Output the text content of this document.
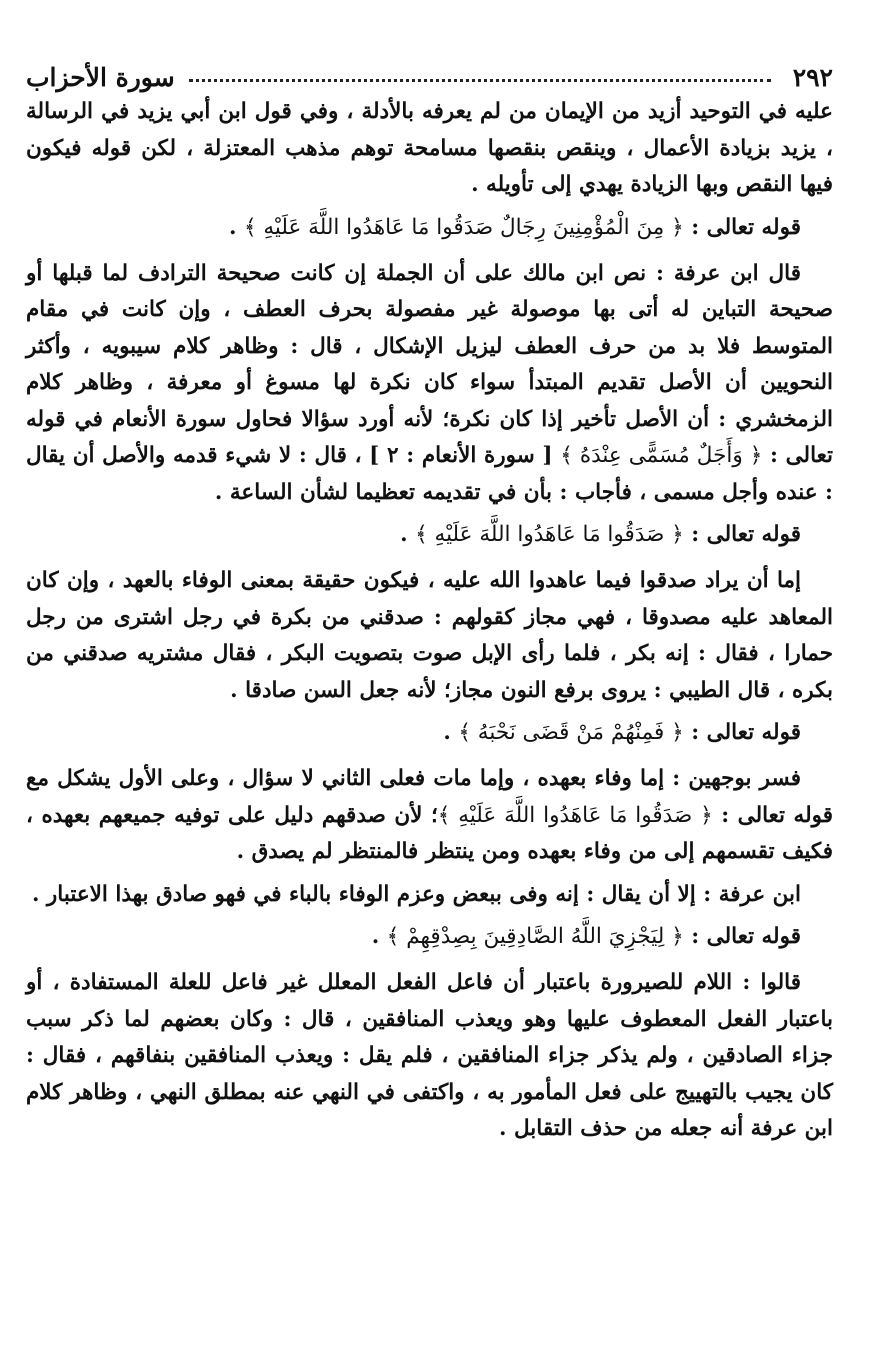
٢٩٢
سورة الأحزاب

عليه في التوحيد أزيد من الإيمان من لم يعرفه بالأدلة ، وفي قول ابن أبي يزيد في الرسالة ، يزيد بزيادة الأعمال ، وينقص بنقصها مسامحة توهم مذهب المعتزلة ، لكن قوله فيكون فيها النقص وبها الزيادة يهدي إلى تأويله .

قوله تعالى : ﴿ مِنَ الْمُؤْمِنِينَ رِجَالٌ صَدَقُوا مَا عَاهَدُوا اللَّهَ عَلَيْهِ ﴾ .

قال ابن عرفة : نص ابن مالك على أن الجملة إن كانت صحيحة الترادف لما قبلها أو صحيحة التباين له أتى بها موصولة غير مفصولة بحرف العطف ، وإن كانت في مقام المتوسط فلا بد من حرف العطف ليزيل الإشكال ، قال : وظاهر كلام سيبويه ، وأكثر النحويين أن الأصل تقديم المبتدأ سواء كان نكرة لها مسوغ أو معرفة ، وظاهر كلام الزمخشري : أن الأصل تأخير إذا كان نكرة؛ لأنه أورد سؤالا فحاول سورة الأنعام في قوله تعالى : ﴿ وَأَجَلٌ مُسَمًّى عِنْدَهُ ﴾ [ سورة الأنعام : ٢ ] ، قال : لا شيء قدمه والأصل أن يقال : عنده وأجل مسمى ، فأجاب : بأن في تقديمه تعظيما لشأن الساعة .

قوله تعالى : ﴿ صَدَقُوا مَا عَاهَدُوا اللَّهَ عَلَيْهِ ﴾ .

إما أن يراد صدقوا فيما عاهدوا الله عليه ، فيكون حقيقة بمعنى الوفاء بالعهد ، وإن كان المعاهد عليه مصدوقا ، فهي مجاز كقولهم : صدقني من بكرة في رجل اشترى من رجل حمارا ، فقال : إنه بكر ، فلما رأى الإبل صوت بتصويت البكر ، فقال مشتريه صدقني من بكره ، قال الطيبي : يروى برفع النون مجاز؛ لأنه جعل السن صادقا .

قوله تعالى : ﴿ فَمِنْهُمْ مَنْ قَضَى نَحْبَهُ ﴾ .

فسر بوجهين : إما وفاء بعهده ، وإما مات فعلى الثاني لا سؤال ، وعلى الأول يشكل مع قوله تعالى : ﴿ صَدَقُوا مَا عَاهَدُوا اللَّهَ عَلَيْهِ ﴾؛ لأن صدقهم دليل على توفيه جميعهم بعهده ، فكيف تقسمهم إلى من وفاء بعهده ومن ينتظر فالمنتظر لم يصدق .

ابن عرفة : إلا أن يقال : إنه وفى ببعض وعزم الوفاء بالباء في فهو صادق بهذا الاعتبار .

قوله تعالى : ﴿ لِيَجْزِيَ اللَّهُ الصَّادِقِينَ بِصِدْقِهِمْ ﴾ .

قالوا : اللام للصيرورة باعتبار أن فاعل الفعل المعلل غير فاعل للعلة المستفادة ، أو باعتبار الفعل المعطوف عليها وهو ويعذب المنافقين ، قال : وكان بعضهم لما ذكر سبب جزاء الصادقين ، ولم يذكر جزاء المنافقين ، فلم يقل : ويعذب المنافقين بنفاقهم ، فقال : كان يجيب بالتهييج على فعل المأمور به ، واكتفى في النهي عنه بمطلق النهي ، وظاهر كلام ابن عرفة أنه جعله من حذف التقابل .
